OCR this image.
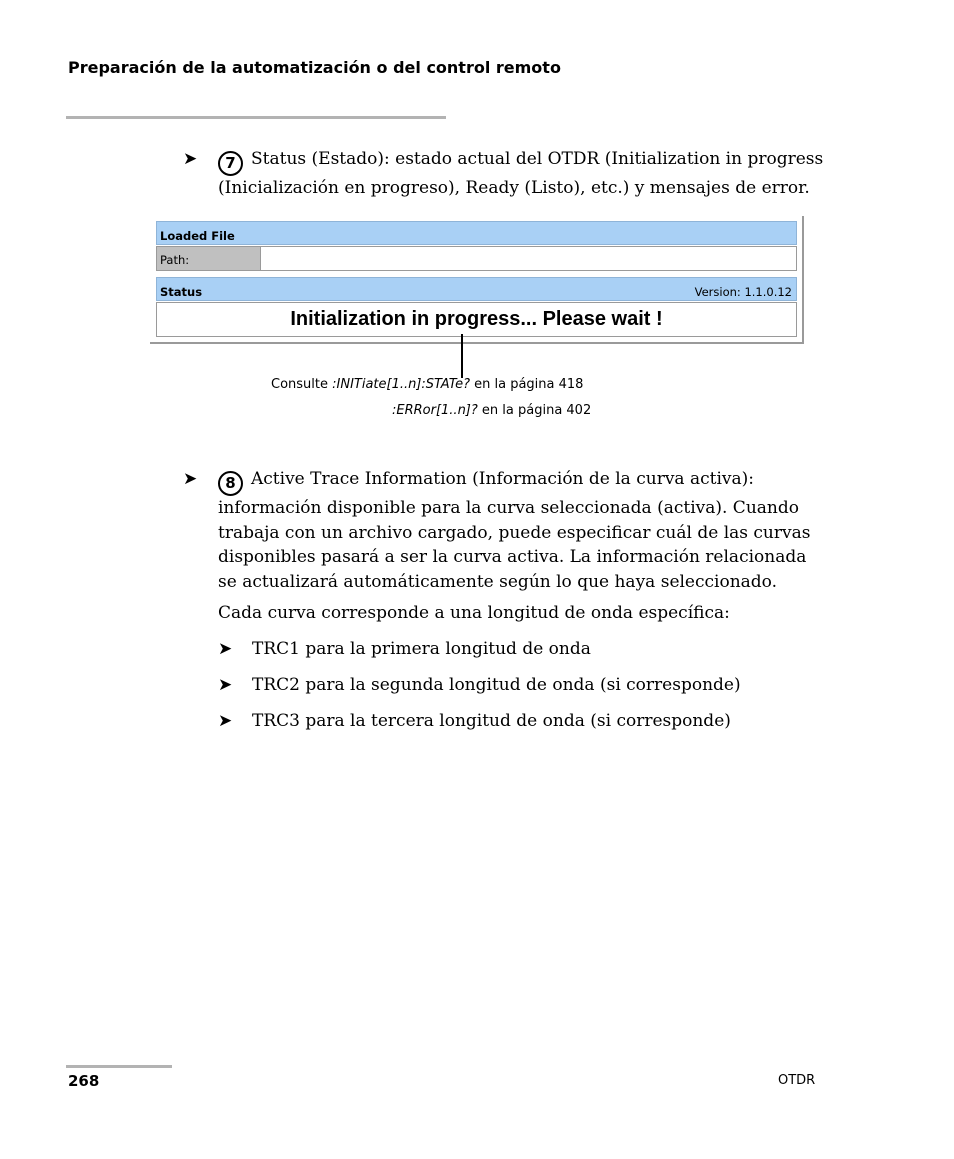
Preparación de la automatización o del control remoto
➤	7 Status (Estado): estado actual del OTDR (Initialization in progress
(Inicialización en progreso), Ready (Listo), etc.) y mensajes de error.
Loaded File
Path:
Status	Version: 1.1.0.12
Initialization in progress... Please wait !
Consulte :INITiate[1..n]:STATe? en la página 418
:ERRor[1..n]? en la página 402
➤	8 Active Trace Information (Información de la curva activa):
información disponible para la curva seleccionada (activa). Cuando
trabaja con un archivo cargado, puede especificar cuál de las curvas
disponibles pasará a ser la curva activa. La información relacionada
se actualizará automáticamente según lo que haya seleccionado.
Cada curva corresponde a una longitud de onda específica:
➤ TRC1 para la primera longitud de onda
➤ TRC2 para la segunda longitud de onda (si corresponde)
➤ TRC3 para la tercera longitud de onda (si corresponde)
268	OTDR
